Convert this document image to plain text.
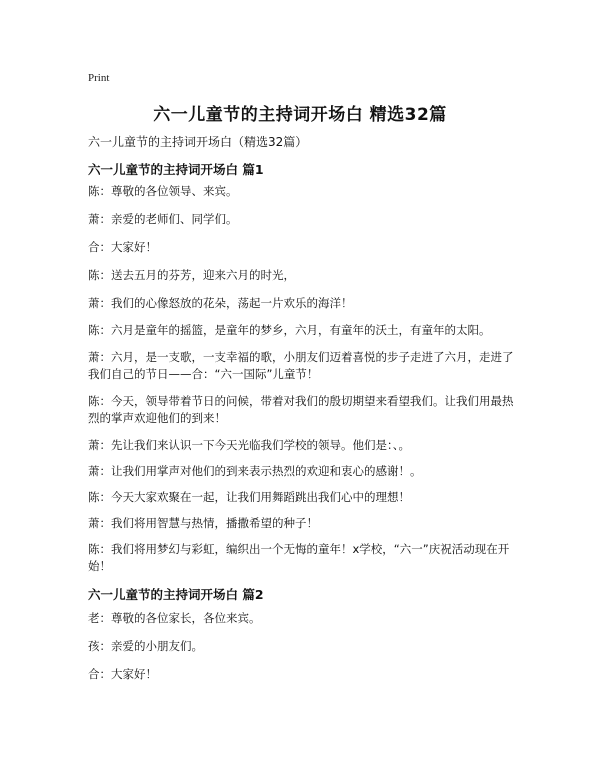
Print
六一儿童节的主持词开场白 精选32篇
六一儿童节的主持词开场白（精选32篇）
六一儿童节的主持词开场白 篇1

陈：尊敬的各位领导、来宾。

萧：亲爱的老师们、同学们。

合：大家好！

陈：送去五月的芬芳，迎来六月的时光，

萧：我们的心像怒放的花朵，荡起一片欢乐的海洋！

陈：六月是童年的摇篮，是童年的梦乡，六月，有童年的沃土，有童年的太阳。

萧：六月，是一支歌，一支幸福的歌，小朋友们迈着喜悦的步子走进了六月，走进了我们自己的节日——合：“六一国际”儿童节！

陈：今天，领导带着节日的问候，带着对我们的殷切期望来看望我们。让我们用最热烈的掌声欢迎他们的到来！

萧：先让我们来认识一下今天光临我们学校的领导。他们是：、。

萧：让我们用掌声对他们的到来表示热烈的欢迎和衷心的感谢！。

陈：今天大家欢聚在一起，让我们用舞蹈跳出我们心中的理想！

萧：我们将用智慧与热情，播撒希望的种子！

陈：我们将用梦幻与彩虹，编织出一个无悔的童年！x学校，“六一”庆祝活动现在开始！

六一儿童节的主持词开场白 篇2

老：尊敬的各位家长，各位来宾。

孩：亲爱的小朋友们。

合：大家好！
